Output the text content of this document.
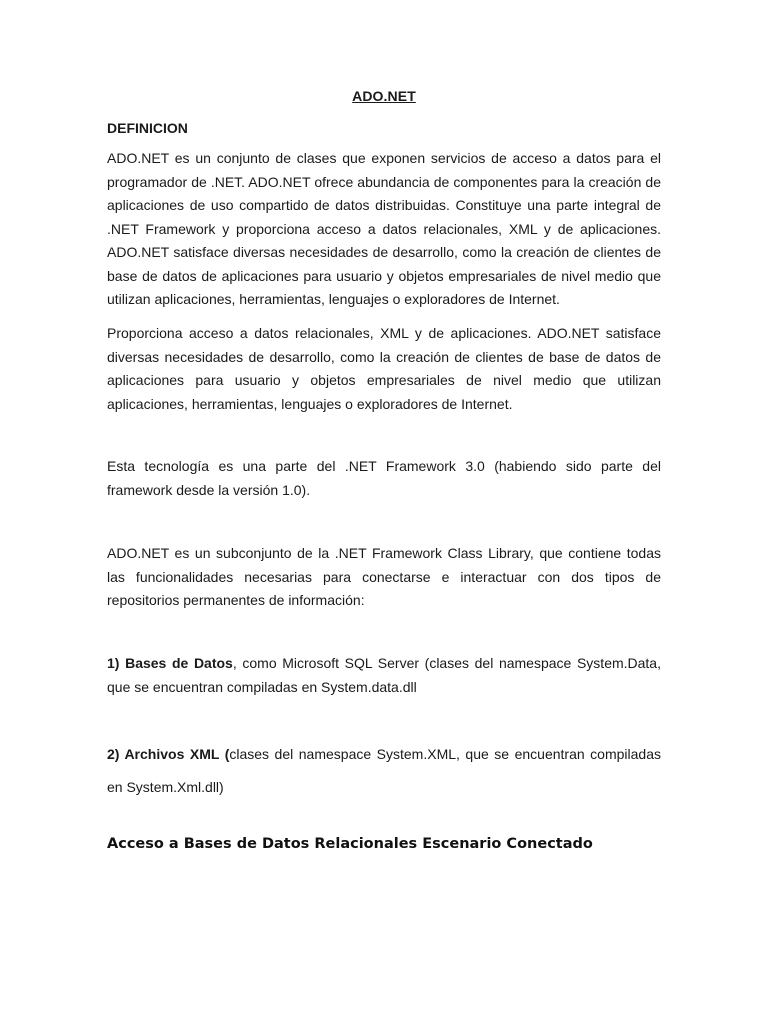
ADO.NET
DEFINICION

ADO.NET es un conjunto de clases que exponen servicios de acceso a datos para el programador de .NET. ADO.NET ofrece abundancia de componentes para la creación de aplicaciones de uso compartido de datos distribuidas. Constituye una parte integral de .NET Framework y proporciona acceso a datos relacionales, XML y de aplicaciones. ADO.NET satisface diversas necesidades de desarrollo, como la creación de clientes de base de datos de aplicaciones para usuario y objetos empresariales de nivel medio que utilizan aplicaciones, herramientas, lenguajes o exploradores de Internet.

Proporciona acceso a datos relacionales, XML y de aplicaciones. ADO.NET satisface diversas necesidades de desarrollo, como la creación de clientes de base de datos de aplicaciones para usuario y objetos empresariales de nivel medio que utilizan aplicaciones, herramientas, lenguajes o exploradores de Internet.

Esta tecnología es una parte del .NET Framework 3.0 (habiendo sido parte del framework desde la versión 1.0).

ADO.NET es un subconjunto de la .NET Framework Class Library, que contiene todas las funcionalidades necesarias para conectarse e interactuar con dos tipos de repositorios permanentes de información:

1) Bases de Datos, como Microsoft SQL Server (clases del namespace System.Data, que se encuentran compiladas en System.data.dll

2) Archivos XML (clases del namespace System.XML, que se encuentran compiladas en System.Xml.dll)

Acceso a Bases de Datos Relacionales Escenario Conectado
